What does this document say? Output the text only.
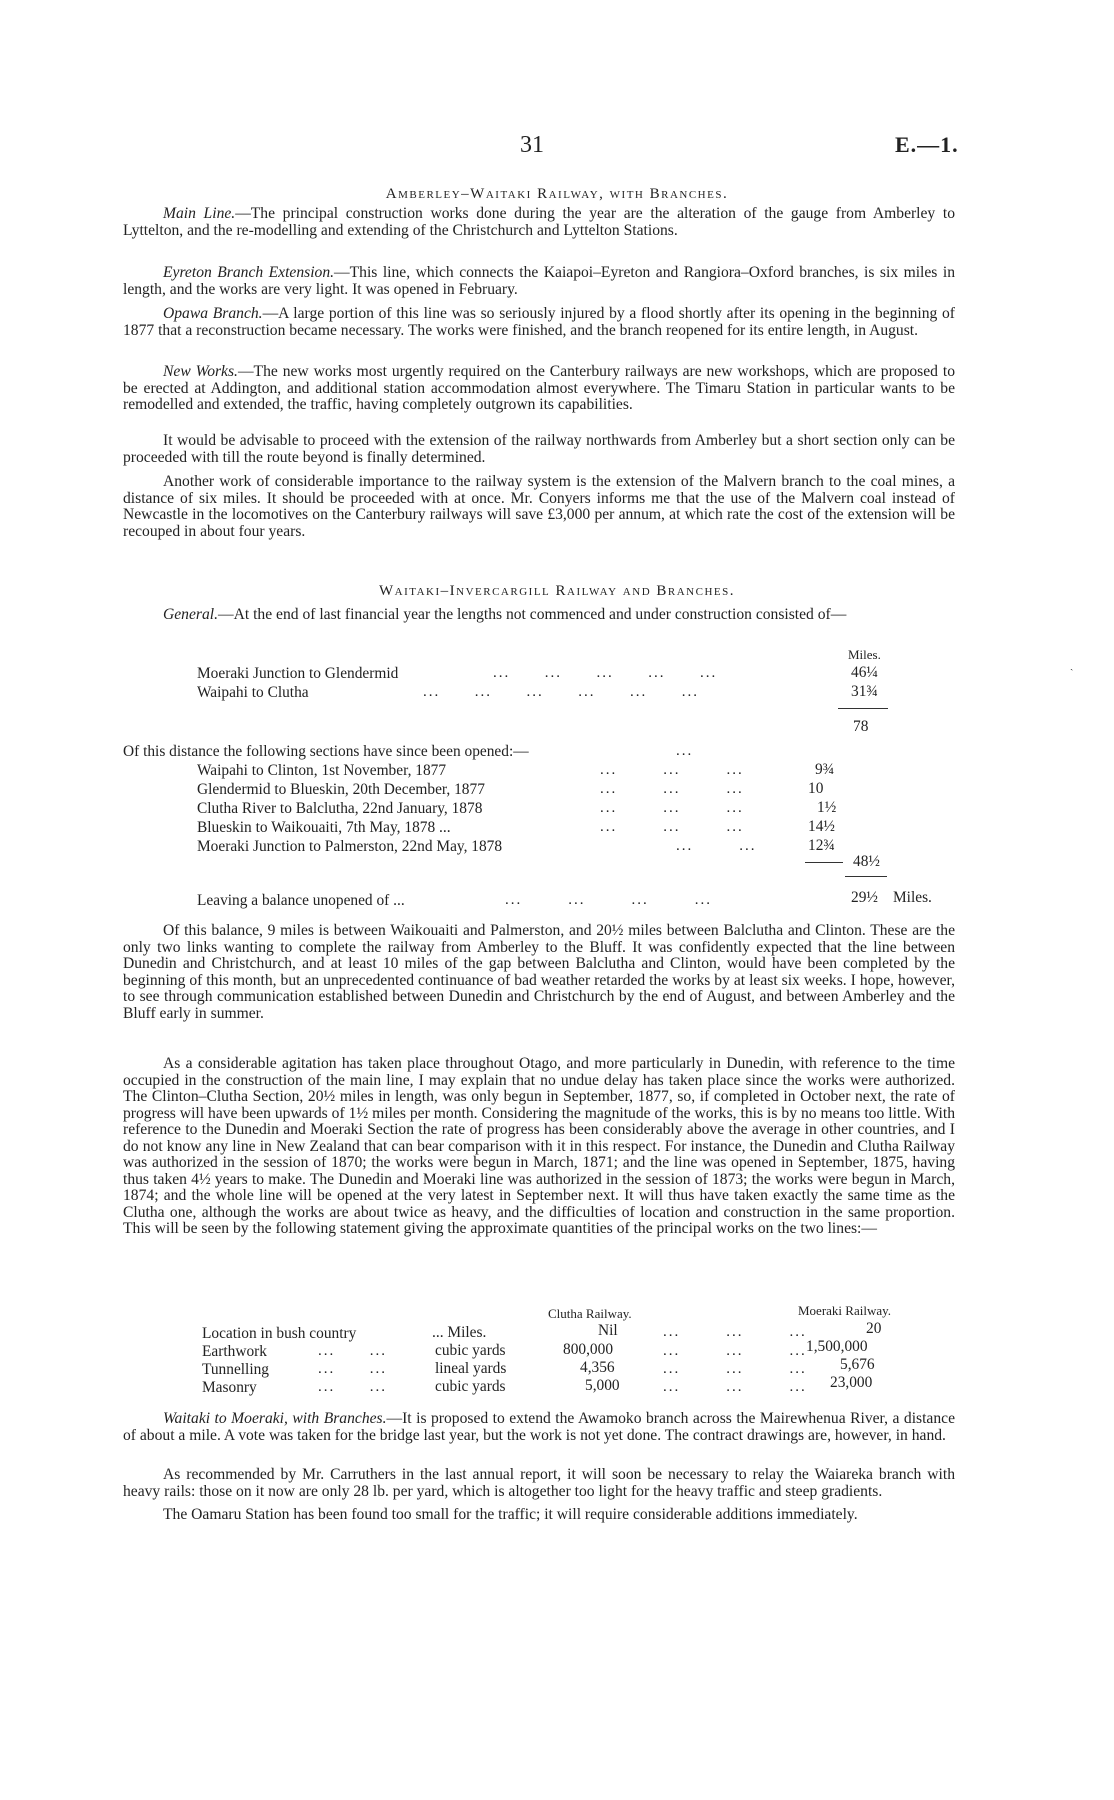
31	E.—1.
Amberley–Waitaki Railway, with Branches.

Main Line.—The principal construction works done during the year are the alteration of the gauge from Amberley to Lyttelton, and the re-modelling and extending of the Christchurch and Lyttelton Stations.

Eyreton Branch Extension.—This line, which connects the Kaiapoi–Eyreton and Rangiora–Oxford branches, is six miles in length, and the works are very light. It was opened in February.

Opawa Branch.—A large portion of this line was so seriously injured by a flood shortly after its opening in the beginning of 1877 that a reconstruction became necessary. The works were finished, and the branch reopened for its entire length, in August.

New Works.—The new works most urgently required on the Canterbury railways are new workshops, which are proposed to be erected at Addington, and additional station accommodation almost everywhere. The Timaru Station in particular wants to be remodelled and extended, the traffic, having completely outgrown its capabilities.

It would be advisable to proceed with the extension of the railway northwards from Amberley but a short section only can be proceeded with till the route beyond is finally determined.

Another work of considerable importance to the railway system is the extension of the Malvern branch to the coal mines, a distance of six miles. It should be proceeded with at once. Mr. Conyers informs me that the use of the Malvern coal instead of Newcastle in the locomotives on the Canterbury railways will save £3,000 per annum, at which rate the cost of the extension will be recouped in about four years.

Waitaki–Invercargill Railway and Branches.

General.—At the end of last financial year the lengths not commenced and under construction consisted of—

Miles.
Moeraki Junction to Glendermid	...      ...      ...      ...      ...	46¼
Waipahi to Clutha	...      ...      ...      ...      ...      ...	31¾
78
Of this distance the following sections have since been opened:—	...
Waipahi to Clinton, 1st November, 1877	...        ...        ...	9¾
Glendermid to Blueskin, 20th December, 1877	...        ...        ...	10
Clutha River to Balclutha, 22nd January, 1878	...        ...        ...	1½
Blueskin to Waikouaiti, 7th May, 1878 ...	...        ...        ...	14½
Moeraki Junction to Palmerston, 22nd May, 1878	...        ...	12¾
48½
Leaving a balance unopened of ...	...        ...        ...        ...	29½ Miles.

Of this balance, 9 miles is between Waikouaiti and Palmerston, and 20½ miles between Balclutha and Clinton. These are the only two links wanting to complete the railway from Amberley to the Bluff. It was confidently expected that the line between Dunedin and Christchurch, and at least 10 miles of the gap between Balclutha and Clinton, would have been completed by the beginning of this month, but an unprecedented continuance of bad weather retarded the works by at least six weeks. I hope, however, to see through communication established between Dunedin and Christchurch by the end of August, and between Amberley and the Bluff early in summer.

As a considerable agitation has taken place throughout Otago, and more particularly in Dunedin, with reference to the time occupied in the construction of the main line, I may explain that no undue delay has taken place since the works were authorized. The Clinton–Clutha Section, 20½ miles in length, was only begun in September, 1877, so, if completed in October next, the rate of progress will have been upwards of 1½ miles per month. Considering the magnitude of the works, this is by no means too little. With reference to the Dunedin and Moeraki Section the rate of progress has been considerably above the average in other countries, and I do not know any line in New Zealand that can bear comparison with it in this respect. For instance, the Dunedin and Clutha Railway was authorized in the session of 1870; the works were begun in March, 1871; and the line was opened in September, 1875, having thus taken 4½ years to make. The Dunedin and Moeraki line was authorized in the session of 1873; the works were begun in March, 1874; and the whole line will be opened at the very latest in September next. It will thus have taken exactly the same time as the Clutha one, although the works are about twice as heavy, and the difficulties of location and construction in the same proportion. This will be seen by the following statement giving the approximate quantities of the principal works on the two lines:—

Clutha Railway.	Moeraki Railway.
Location in bush country	... Miles.	Nil	...        ...        ...	20
Earthwork	...      ...	cubic yards	800,000	...        ...        ... 1,500,000
Tunnelling	...      ...	lineal yards	4,356	...        ...        ... 5,676
Masonry	...      ...	cubic yards	5,000	...        ...        ... 23,000

Waitaki to Moeraki, with Branches.—It is proposed to extend the Awamoko branch across the Mairewhenua River, a distance of about a mile. A vote was taken for the bridge last year, but the work is not yet done. The contract drawings are, however, in hand.

As recommended by Mr. Carruthers in the last annual report, it will soon be necessary to relay the Waiareka branch with heavy rails: those on it now are only 28 lb. per yard, which is altogether too light for the heavy traffic and steep gradients.

The Oamaru Station has been found too small for the traffic; it will require considerable additions immediately.

ˎ
